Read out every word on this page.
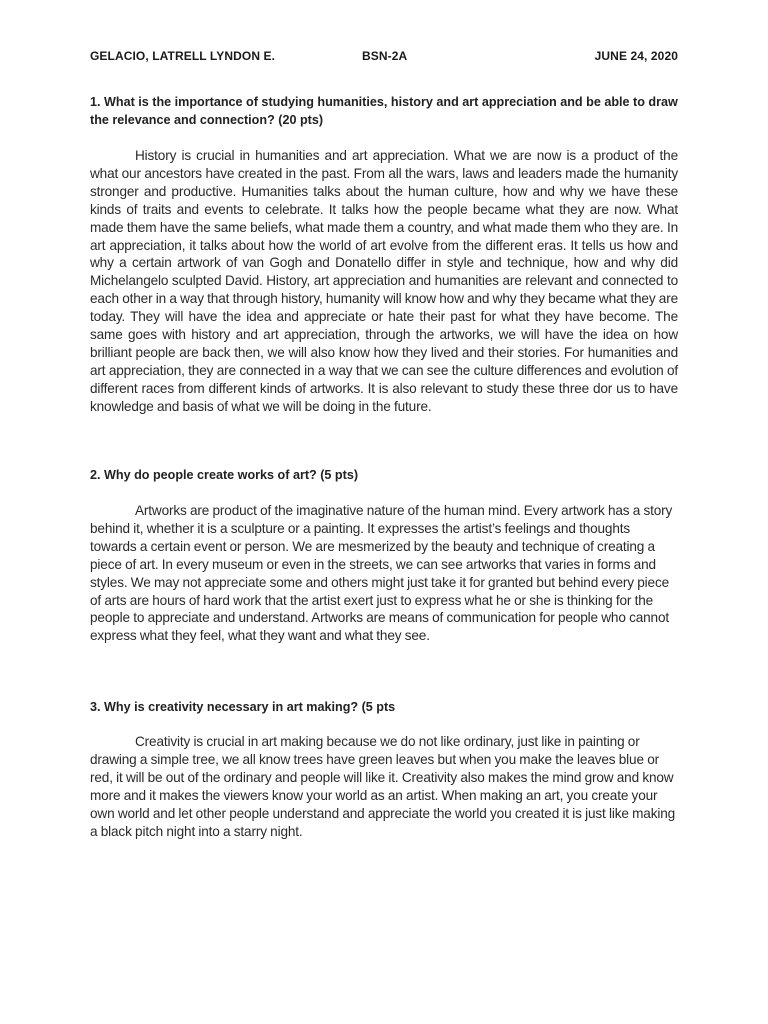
GELACIO, LATRELL LYNDON E.	BSN-2A	JUNE 24, 2020
1. What is the importance of studying humanities, history and art appreciation and be able to draw the relevance and connection? (20 pts)
History is crucial in humanities and art appreciation. What we are now is a product of the what our ancestors have created in the past. From all the wars, laws and leaders made the humanity stronger and productive. Humanities talks about the human culture, how and why we have these kinds of traits and events to celebrate. It talks how the people became what they are now. What made them have the same beliefs, what made them a country, and what made them who they are. In art appreciation, it talks about how the world of art evolve from the different eras. It tells us how and why a certain artwork of van Gogh and Donatello differ in style and technique, how and why did Michelangelo sculpted David. History, art appreciation and humanities are relevant and connected to each other in a way that through history, humanity will know how and why they became what they are today. They will have the idea and appreciate or hate their past for what they have become. The same goes with history and art appreciation, through the artworks, we will have the idea on how brilliant people are back then, we will also know how they lived and their stories. For humanities and art appreciation, they are connected in a way that we can see the culture differences and evolution of different races from different kinds of artworks. It is also relevant to study these three dor us to have knowledge and basis of what we will be doing in the future.
2. Why do people create works of art? (5 pts)
Artworks are product of the imaginative nature of the human mind. Every artwork has a story behind it, whether it is a sculpture or a painting. It expresses the artist’s feelings and thoughts towards a certain event or person. We are mesmerized by the beauty and technique of creating a piece of art. In every museum or even in the streets, we can see artworks that varies in forms and styles. We may not appreciate some and others might just take it for granted but behind every piece of arts are hours of hard work that the artist exert just to express what he or she is thinking for the people to appreciate and understand. Artworks are means of communication for people who cannot express what they feel, what they want and what they see.
3. Why is creativity necessary in art making? (5 pts
Creativity is crucial in art making because we do not like ordinary, just like in painting or drawing a simple tree, we all know trees have green leaves but when you make the leaves blue or red, it will be out of the ordinary and people will like it. Creativity also makes the mind grow and know more and it makes the viewers know your world as an artist. When making an art, you create your own world and let other people understand and appreciate the world you created it is just like making a black pitch night into a starry night.
